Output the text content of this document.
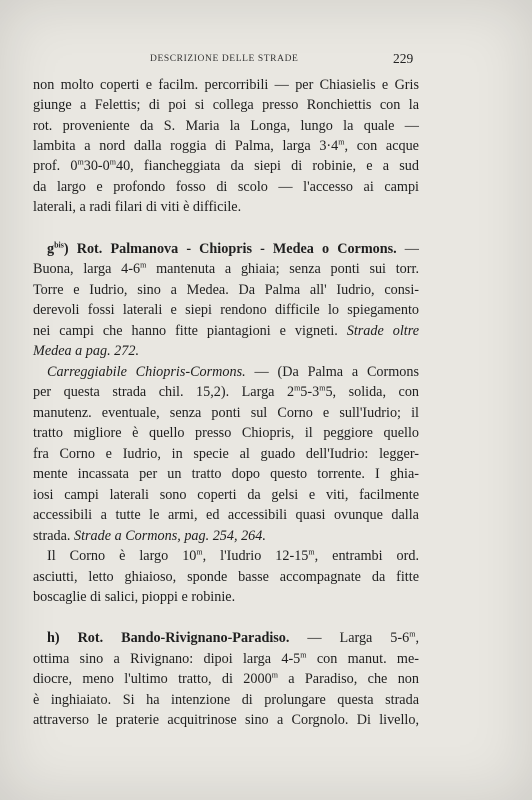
DESCRIZIONE DELLE STRADE	229
non molto coperti e facilm. percorribili — per Chiasielis e Gris
giunge a Felettis; di poi si collega presso Ronchiettis con la
rot. proveniente da S. Maria la Longa, lungo la quale —
lambita a nord dalla roggia di Palma, larga $3\cdot 4^m$, con acque
prof. 0$^m$30-0$^m$40, fiancheggiata da siepi di robinie, e a sud
da largo e profondo fosso di scolo — l'accesso ai campi
laterali, a radi filari di viti è difficile.
$g^{bis}$) Rot. Palmanova - Chiopris - Medea o Cormons. —
Buona, larga 4-6$^m$ mantenuta a ghiaia; senza ponti sui torr.
Torre e Iudrio, sino a Medea. Da Palma all' Iudrio, consi-
derevoli fossi laterali e siepi rendono difficile lo spiegamento
nei campi che hanno fitte piantagioni e vigneti. Strade oltre
Medea a pag. 272.
Carreggiabile Chiopris-Cormons. — (Da Palma a Cormons
per questa strada chil. 15,2). Larga 2$^m$5-3$^m$5, solida, con
manutenz. eventuale, senza ponti sul Corno e sull'Iudrio; il
tratto migliore è quello presso Chiopris, il peggiore quello
fra Corno e Iudrio, in specie al guado dell'Iudrio: legger-
mente incassata per un tratto dopo questo torrente. I ghia-
iosi campi laterali sono coperti da gelsi e viti, facilmente
accessibili a tutte le armi, ed accessibili quasi ovunque dalla
strada. Strade a Cormons, pag. 254, 264.
Il Corno è largo 10$^m$, l'Iudrio 12-15$^m$, entrambi ord.
asciutti, letto ghiaioso, sponde basse accompagnate da fitte
boscaglie di salici, pioppi e robinie.
h) Rot. Bando-Rivignano-Paradiso. — Larga 5-6$^m$,
ottima sino a Rivignano: dipoi larga 4-5$^m$ con manut. me-
diocre, meno l'ultimo tratto, di 2000$^m$ a Paradiso, che non
è inghiaiato. Si ha intenzione di prolungare questa strada
attraverso le praterie acquitrinose sino a Corgnolo. Di livello,
